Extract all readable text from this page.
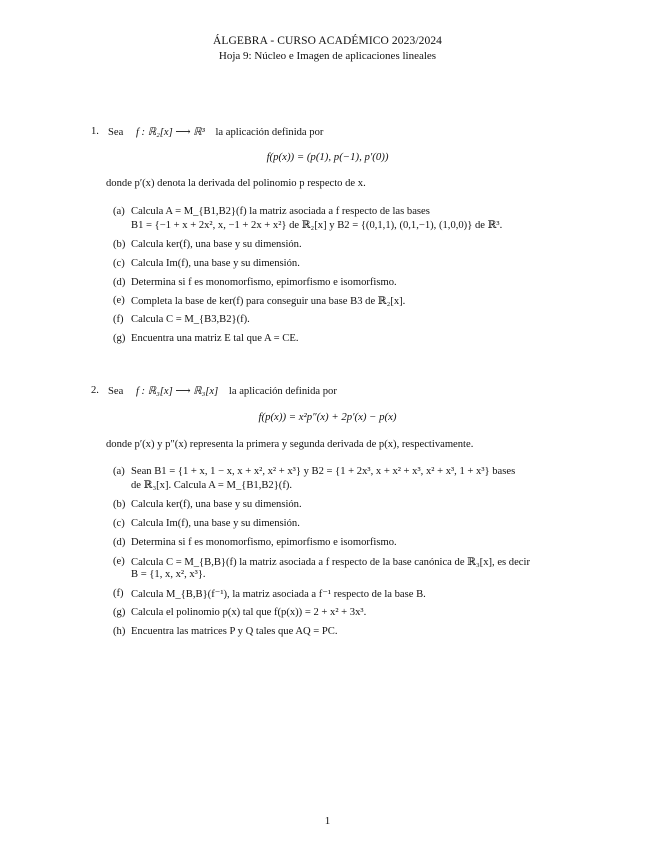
ÁLGEBRA - CURSO ACADÉMICO 2023/2024
Hoja 9: Núcleo e Imagen de aplicaciones lineales
1. Sea f : ℝ₂[x] ⟶ ℝ³ la aplicación definida por
f(p(x)) = (p(1), p(−1), p′(0))
donde p′(x) denota la derivada del polinomio p respecto de x.
(a) Calcula A = M_{B1,B2}(f) la matriz asociada a f respecto de las bases
B1 = {−1 + x + 2x², x, −1 + 2x + x²} de ℝ₂[x] y B2 = {(0,1,1), (0,1,−1), (1,0,0)} de ℝ³.
(b) Calcula ker(f), una base y su dimensión.
(c) Calcula Im(f), una base y su dimensión.
(d) Determina si f es monomorfismo, epimorfismo e isomorfismo.
(e) Completa la base de ker(f) para conseguir una base B3 de ℝ₂[x].
(f) Calcula C = M_{B3,B2}(f).
(g) Encuentra una matriz E tal que A = CE.
2. Sea f : ℝ₃[x] ⟶ ℝ₃[x] la aplicación definida por
f(p(x)) = x²p″(x) + 2p′(x) − p(x)
donde p′(x) y p″(x) representa la primera y segunda derivada de p(x), respectivamente.
(a) Sean B1 = {1 + x, 1 − x, x + x², x² + x³} y B2 = {1 + 2x³, x + x² + x³, x² + x³, 1 + x³} bases
de ℝ₃[x]. Calcula A = M_{B1,B2}(f).
(b) Calcula ker(f), una base y su dimensión.
(c) Calcula Im(f), una base y su dimensión.
(d) Determina si f es monomorfismo, epimorfismo e isomorfismo.
(e) Calcula C = M_{B,B}(f) la matriz asociada a f respecto de la base canónica de ℝ₃[x], es decir
B = {1, x, x², x³}.
(f) Calcula M_{B,B}(f⁻¹), la matriz asociada a f⁻¹ respecto de la base B.
(g) Calcula el polinomio p(x) tal que f(p(x)) = 2 + x² + 3x³.
(h) Encuentra las matrices P y Q tales que AQ = PC.
1
